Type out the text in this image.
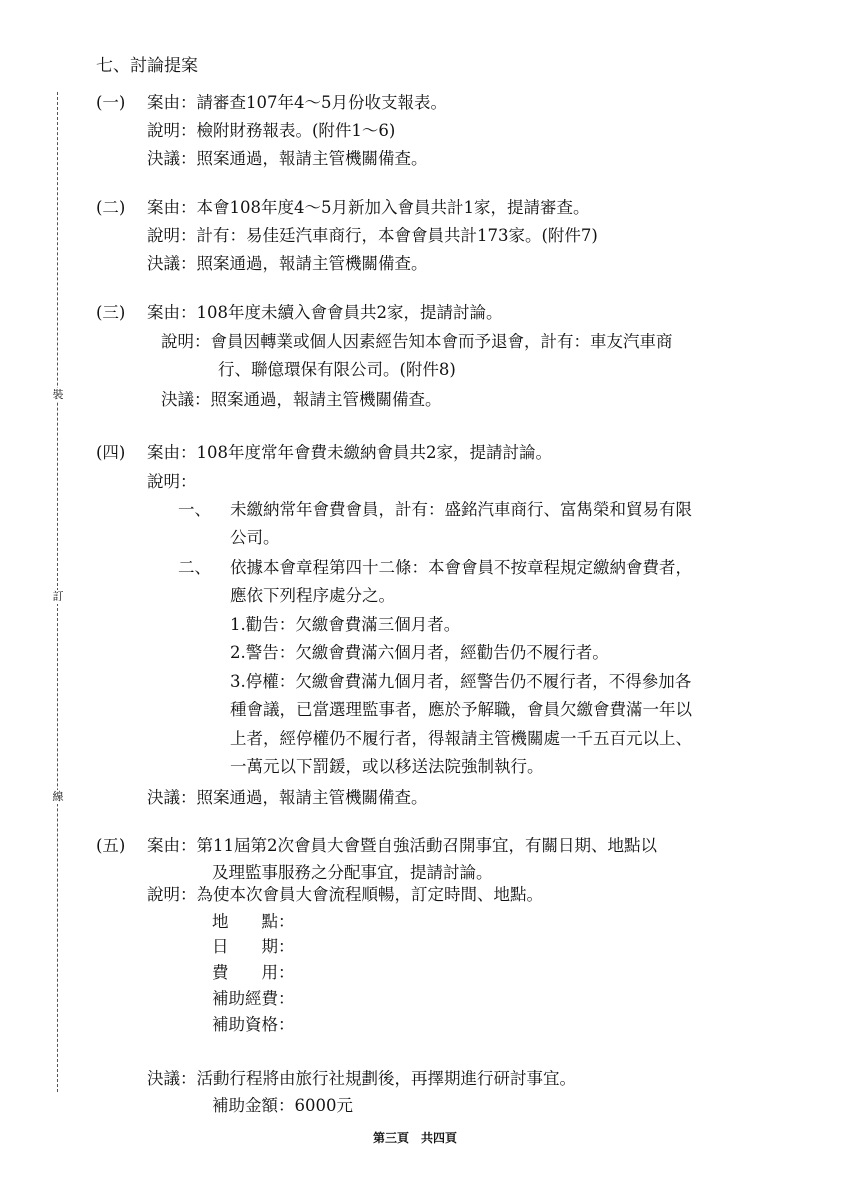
裝
訂
線
七、討論提案
(一) 案由：請審查107年4～5月份收支報表。
說明：檢附財務報表。(附件1～6)
決議：照案通過，報請主管機關備查。
(二) 案由：本會108年度4～5月新加入會員共計1家，提請審查。
說明：計有：易佳廷汽車商行，本會會員共計173家。(附件7)
決議：照案通過，報請主管機關備查。
(三) 案由：108年度未續入會會員共2家，提請討論。
說明：會員因轉業或個人因素經告知本會而予退會，計有：車友汽車商
行、聯億環保有限公司。(附件8)
決議：照案通過，報請主管機關備查。
(四) 案由：108年度常年會費未繳納會員共2家，提請討論。
說明：
一、 未繳納常年會費會員，計有：盛銘汽車商行、富雋榮和貿易有限
公司。
二、 依據本會章程第四十二條：本會會員不按章程規定繳納會費者，
應依下列程序處分之。
1.勸告：欠繳會費滿三個月者。
2.警告：欠繳會費滿六個月者，經勸告仍不履行者。
3.停權：欠繳會費滿九個月者，經警告仍不履行者，不得參加各
種會議，已當選理監事者，應於予解職，會員欠繳會費滿一年以
上者，經停權仍不履行者，得報請主管機關處一千五百元以上、
一萬元以下罰鍰，或以移送法院強制執行。
決議：照案通過，報請主管機關備查。
(五) 案由：第11屆第2次會員大會暨自強活動召開事宜，有關日期、地點以
及理監事服務之分配事宜，提請討論。
說明：為使本次會員大會流程順暢，訂定時間、地點。
地　　點：
日　　期：
費　　用：
補助經費：
補助資格：
決議：活動行程將由旅行社規劃後，再擇期進行研討事宜。
補助金額：6000元
第三頁　共四頁
